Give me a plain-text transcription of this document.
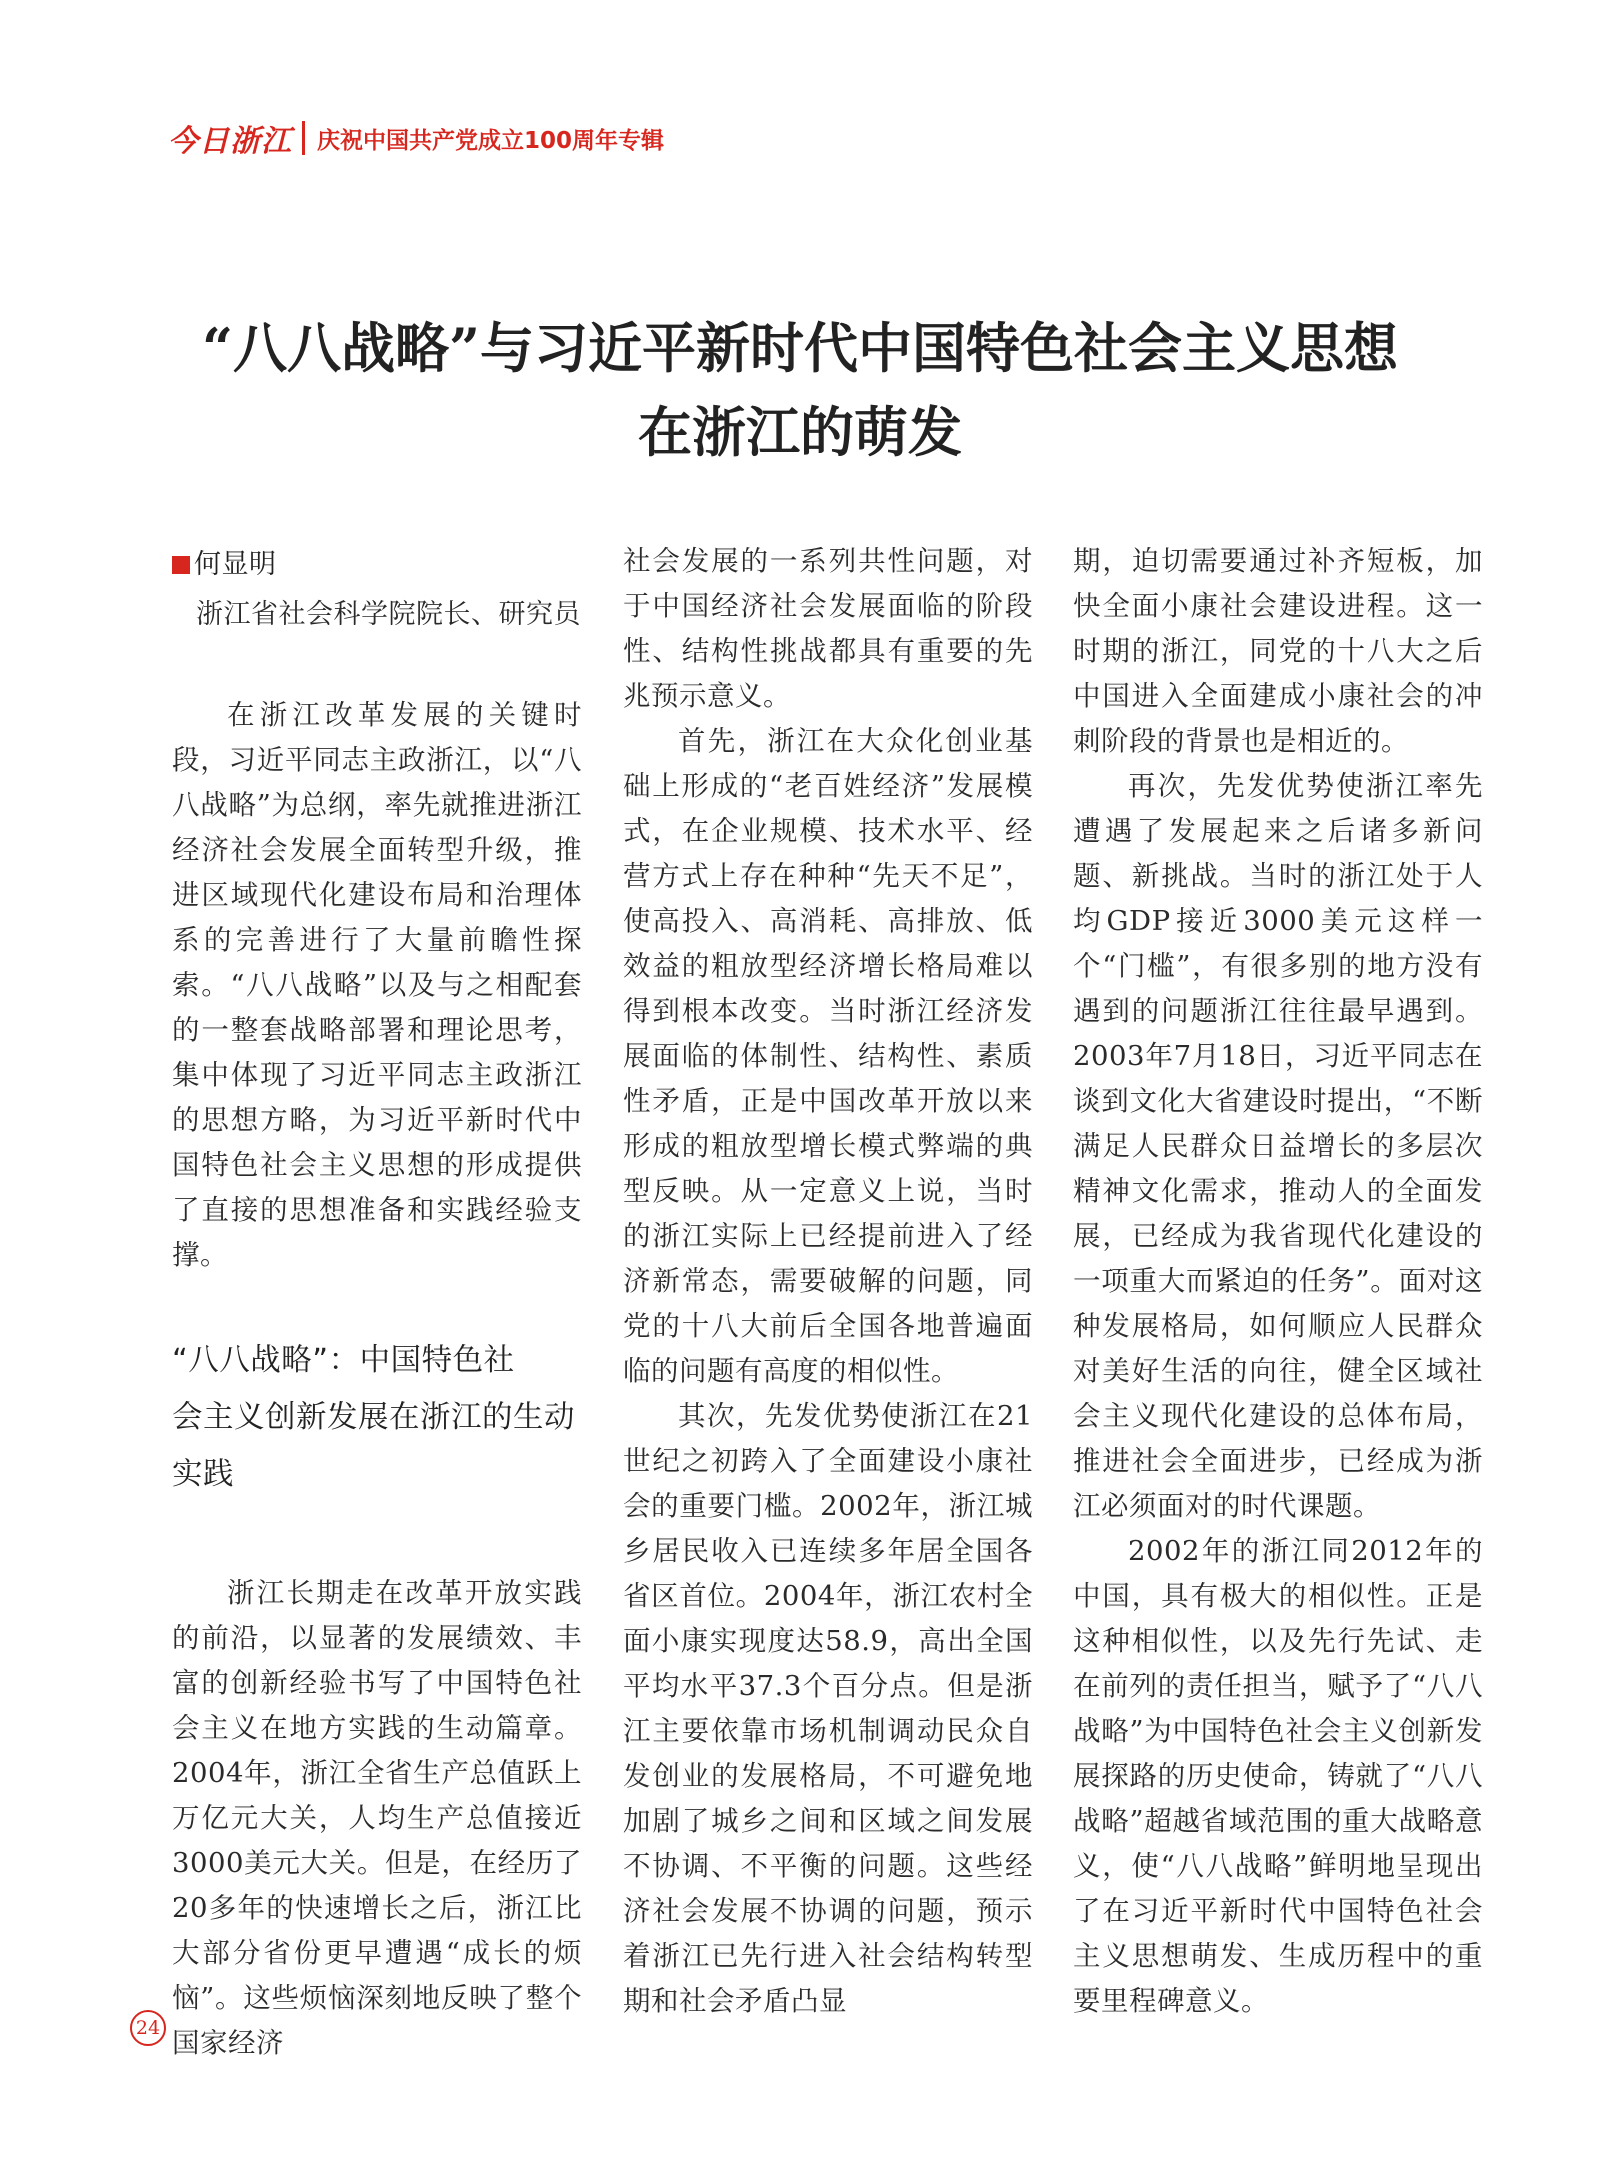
今日浙江 庆祝中国共产党成立100周年专辑
“八八战略”与习近平新时代中国特色社会主义思想
在浙江的萌发
何显明
浙江省社会科学院院长、研究员

在浙江改革发展的关键时段，习近平同志主政浙江，以“八八战略”为总纲，率先就推进浙江经济社会发展全面转型升级，推进区域现代化建设布局和治理体系的完善进行了大量前瞻性探索。“八八战略”以及与之相配套的一整套战略部署和理论思考，集中体现了习近平同志主政浙江的思想方略，为习近平新时代中国特色社会主义思想的形成提供了直接的思想准备和实践经验支撑。

“八八战略”：中国特色社
会主义创新发展在浙江的生动
实践

浙江长期走在改革开放实践的前沿，以显著的发展绩效、丰富的创新经验书写了中国特色社会主义在地方实践的生动篇章。2004年，浙江全省生产总值跃上万亿元大关，人均生产总值接近3000美元大关。但是，在经历了20多年的快速增长之后，浙江比大部分省份更早遭遇“成长的烦恼”。这些烦恼深刻地反映了整个国家经济

社会发展的一系列共性问题，对于中国经济社会发展面临的阶段性、结构性挑战都具有重要的先兆预示意义。

首先，浙江在大众化创业基础上形成的“老百姓经济”发展模式，在企业规模、技术水平、经营方式上存在种种“先天不足”，使高投入、高消耗、高排放、低效益的粗放型经济增长格局难以得到根本改变。当时浙江经济发展面临的体制性、结构性、素质性矛盾，正是中国改革开放以来形成的粗放型增长模式弊端的典型反映。从一定意义上说，当时的浙江实际上已经提前进入了经济新常态，需要破解的问题，同党的十八大前后全国各地普遍面临的问题有高度的相似性。

其次，先发优势使浙江在21世纪之初跨入了全面建设小康社会的重要门槛。2002年，浙江城乡居民收入已连续多年居全国各省区首位。2004年，浙江农村全面小康实现度达58.9，高出全国平均水平37.3个百分点。但是浙江主要依靠市场机制调动民众自发创业的发展格局，不可避免地加剧了城乡之间和区域之间发展不协调、不平衡的问题。这些经济社会发展不协调的问题，预示着浙江已先行进入社会结构转型期和社会矛盾凸显

期，迫切需要通过补齐短板，加快全面小康社会建设进程。这一时期的浙江，同党的十八大之后中国进入全面建成小康社会的冲刺阶段的背景也是相近的。

再次，先发优势使浙江率先遭遇了发展起来之后诸多新问题、新挑战。当时的浙江处于人均GDP接近3000美元这样一个“门槛”，有很多别的地方没有遇到的问题浙江往往最早遇到。2003年7月18日，习近平同志在谈到文化大省建设时提出，“不断满足人民群众日益增长的多层次精神文化需求，推动人的全面发展，已经成为我省现代化建设的一项重大而紧迫的任务”。面对这种发展格局，如何顺应人民群众对美好生活的向往，健全区域社会主义现代化建设的总体布局，推进社会全面进步，已经成为浙江必须面对的时代课题。

2002年的浙江同2012年的中国，具有极大的相似性。正是这种相似性，以及先行先试、走在前列的责任担当，赋予了“八八战略”为中国特色社会主义创新发展探路的历史使命，铸就了“八八战略”超越省域范围的重大战略意义，使“八八战略”鲜明地呈现出了在习近平新时代中国特色社会主义思想萌发、生成历程中的重要里程碑意义。

24
